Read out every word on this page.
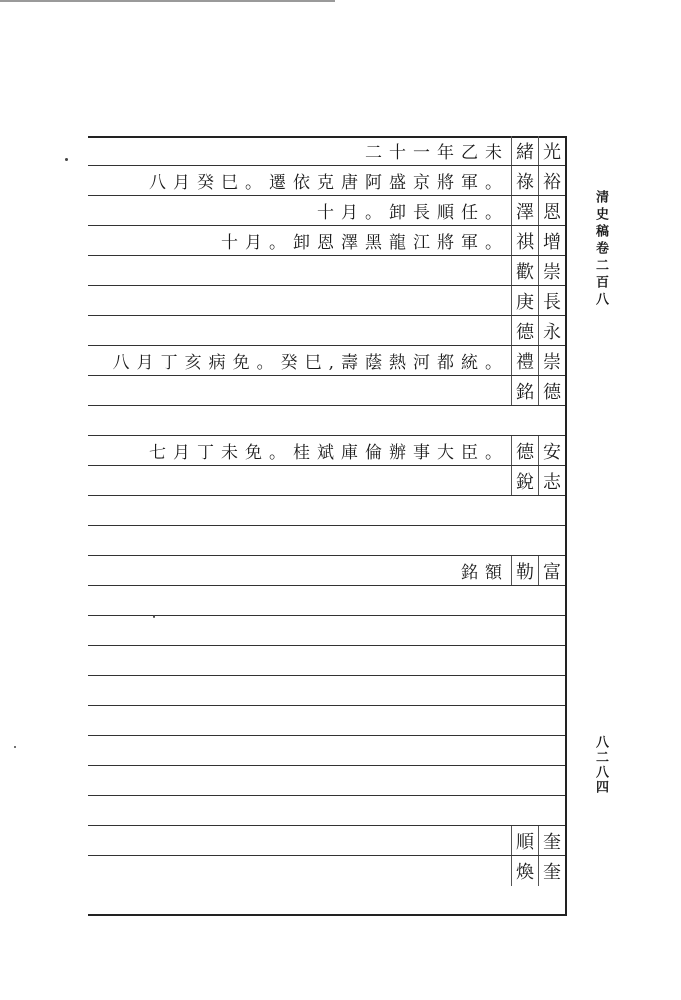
清史稿卷二百八
八二八四
光
緒
二十一年乙未
裕
祿
八月癸巳。遷依克唐阿盛京將軍。
恩
澤
十月。卸長順任。
增
祺
十月。卸恩澤黑龍江將軍。
崇
歡
長
庚
永
德
崇
禮
八月丁亥病免。癸巳,壽蔭熱河都統。
德
銘
安
德
七月丁未免。桂斌庫倫辦事大臣。
志
銳
富
勒
銘額
奎
順
奎
煥
